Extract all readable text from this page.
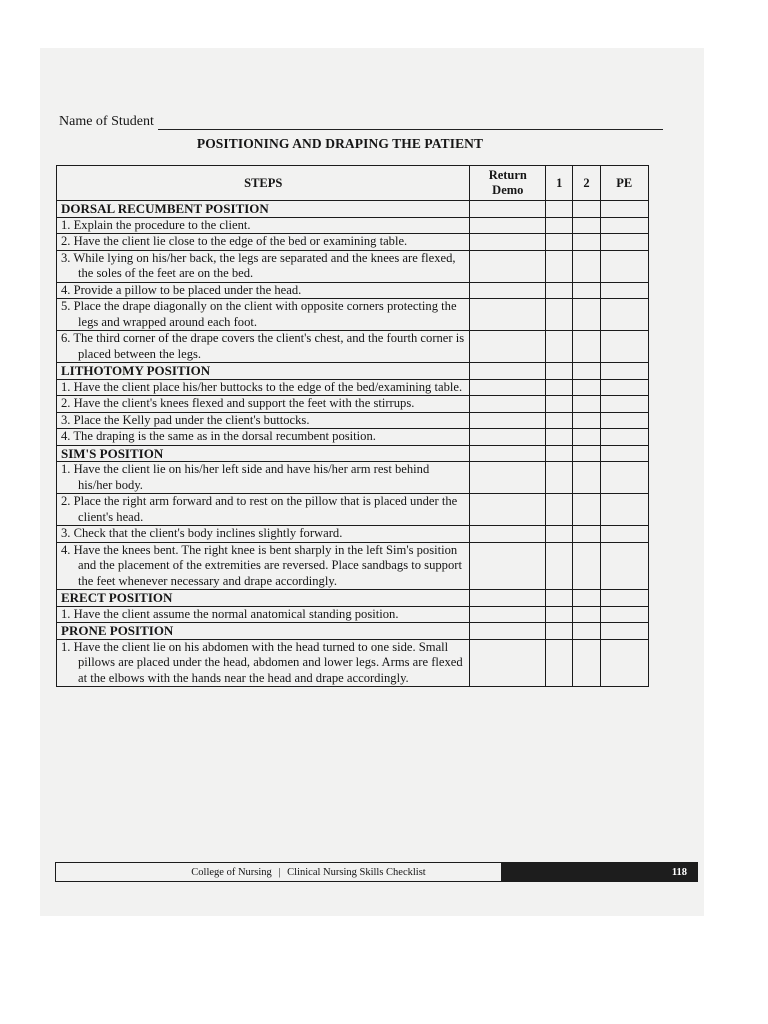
Name of Student
POSITIONING AND DRAPING THE PATIENT
STEPS	Return Demo	1	2	PE
DORSAL RECUMBENT POSITION				

1. Explain the procedure to the client.				

2. Have the client lie close to the edge of the bed or examining table.				

3. While lying on his/her back, the legs are separated and the knees are flexed, the soles of the feet are on the bed.				

4. Provide a pillow to be placed under the head.				

5. Place the drape diagonally on the client with opposite corners protecting the legs and wrapped around each foot.				

6. The third corner of the drape covers the client's chest, and the fourth corner is placed between the legs.				

LITHOTOMY POSITION				

1. Have the client place his/her buttocks to the edge of the bed/examining table.				

2. Have the client's knees flexed and support the feet with the stirrups.				

3. Place the Kelly pad under the client's buttocks.				

4. The draping is the same as in the dorsal recumbent position.				

SIM'S POSITION				

1. Have the client lie on his/her left side and have his/her arm rest behind his/her body.				

2. Place the right arm forward and to rest on the pillow that is placed under the client's head.				

3. Check that the client's body inclines slightly forward.				

4. Have the knees bent. The right knee is bent sharply in the left Sim's position and the placement of the extremities are reversed. Place sandbags to support the feet whenever necessary and drape accordingly.				

ERECT POSITION				

1. Have the client assume the normal anatomical standing position.				

PRONE POSITION				

1. Have the client lie on his abdomen with the head turned to one side. Small pillows are placed under the head, abdomen and lower legs. Arms are flexed at the elbows with the hands near the head and drape accordingly.				

College of Nursing | Clinical Nursing Skills Checklist	118
